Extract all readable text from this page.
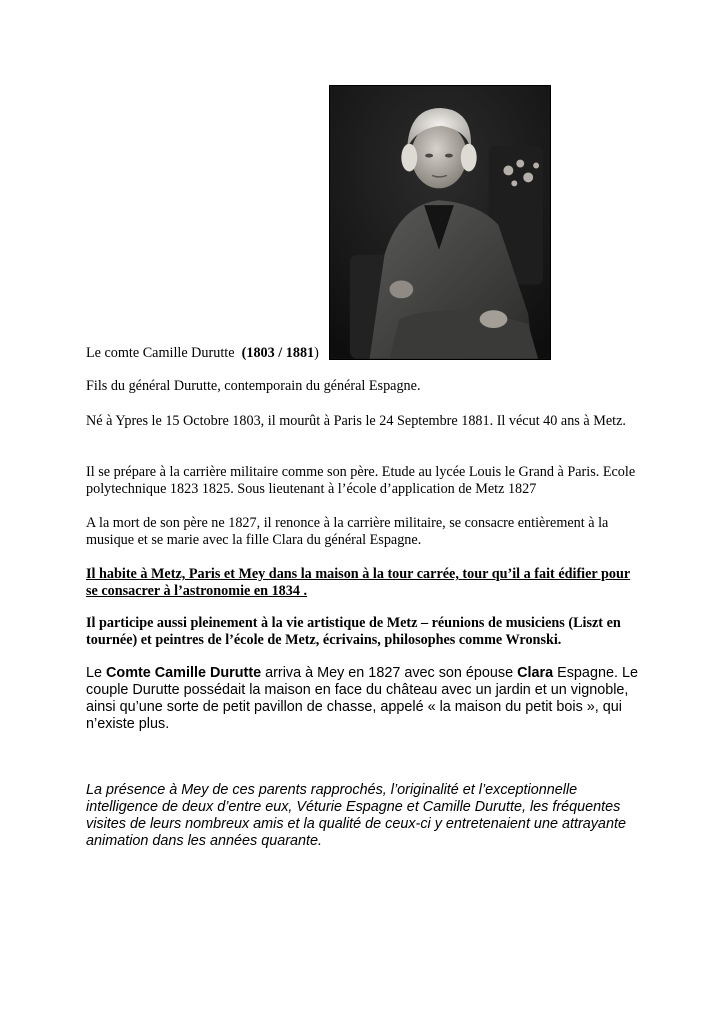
Le comte Camille Durutte (1803 / 1881)

Fils du général Durutte, contemporain du général Espagne.

Né à Ypres le 15 Octobre 1803, il mourût à Paris le 24 Septembre 1881. Il vécut 40 ans à Metz.

Il se prépare à la carrière militaire comme son père. Etude au lycée Louis le Grand à Paris. Ecole polytechnique 1823 1825. Sous lieutenant à l’école d’application de Metz 1827

A la mort de son père ne 1827, il renonce à la carrière militaire, se consacre entièrement à la musique et se marie avec la fille Clara du général Espagne.

Il habite à Metz, Paris et Mey dans la maison à la tour carrée, tour qu’il a fait édifier pour se consacrer à l’astronomie en 1834 .

Il participe aussi pleinement à la vie artistique de Metz – réunions de musiciens (Liszt en tournée) et peintres de l’école de Metz, écrivains, philosophes comme Wronski.

Le Comte Camille Durutte arriva à Mey en 1827 avec son épouse Clara Espagne. Le couple Durutte possédait la maison en face du château avec un jardin et un vignoble, ainsi qu’une sorte de petit pavillon de chasse, appelé « la maison du petit bois », qui n’existe plus.

La présence à Mey de ces parents rapprochés, l’originalité et l’exceptionnelle intelligence de deux d’entre eux, Véturie Espagne et Camille Durutte, les fréquentes visites de leurs nombreux amis et la qualité de ceux-ci y entretenaient une attrayante animation dans les années quarante.
